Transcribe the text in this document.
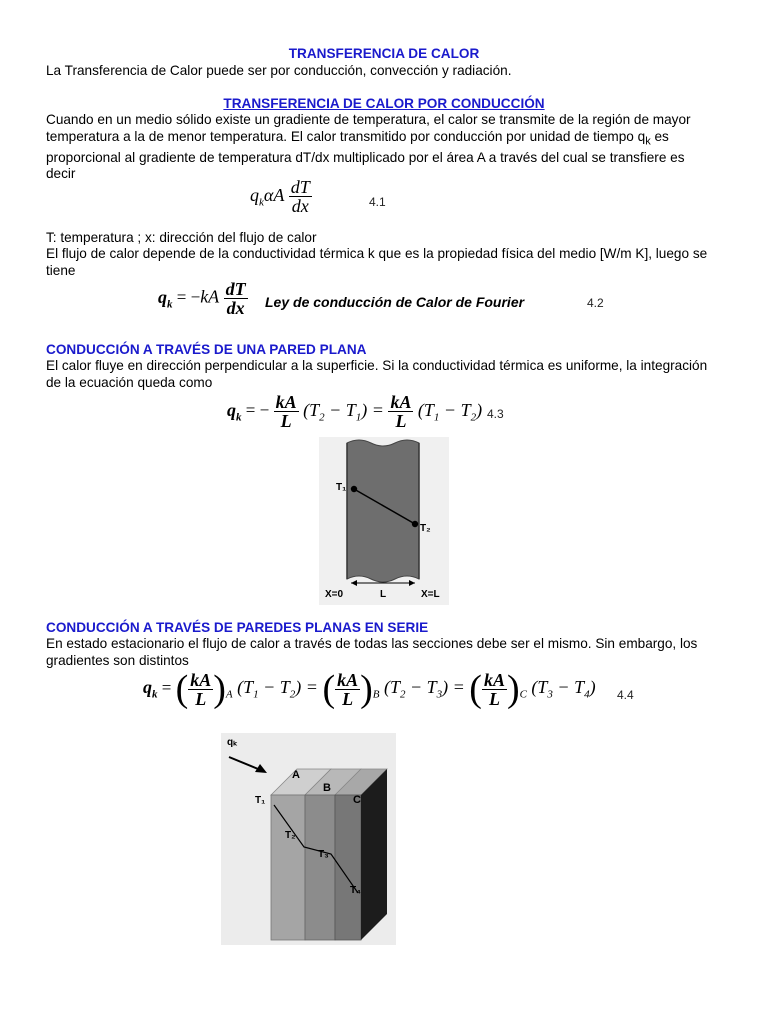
TRANSFERENCIA DE CALOR
La Transferencia de Calor puede ser por conducción, convección y radiación.
TRANSFERENCIA DE CALOR POR CONDUCCIÓN
Cuando en un medio sólido existe un gradiente de temperatura, el calor se transmite de la región de mayor
temperatura a la de menor temperatura. El calor transmitido por conducción por unidad de tiempo $q_k$ es
proporcional al gradiente de temperatura dT/dx multiplicado por el área A a través del cual se transfiere es
decir
$q_k\alpha A \frac{dT}{dx}$	4.1
T: temperatura ; x: dirección del flujo de calor
El flujo de calor depende de la conductividad térmica k que es la propiedad física del medio [W/m K], luego se
tiene
$q_k = -kA \frac{dT}{dx}$ Ley de conducción de Calor de Fourier	4.2
CONDUCCIÓN A TRAVÉS DE UNA PARED PLANA
El calor fluye en dirección perpendicular a la superficie. Si la conductividad térmica es uniforme, la integración
de la ecuación queda como
$q_k$ = − $\frac{kA}{L} (T_2 - T_1) = \frac{kA}{L} (T_1 - T_2)$ 4.3
T₁
T₂
X=0	L	X=L
CONDUCCIÓN A TRAVÉS DE PAREDES PLANAS EN SERIE
En estado estacionario el flujo de calor a través de todas las secciones debe ser el mismo. Sin embargo, los
gradientes son distintos
$q_k$ = ( $\frac{kA}{L} )_A$ $(T_1 - T_2)$ = ( $\frac{kA}{L} )_B$ $(T_2 - T_3)$ = ( $\frac{kA}{L} )_C$ $(T_3 - T_4)$ 4.4
qₖ
A
B
C
T₁
T₂
T₃
T₄
